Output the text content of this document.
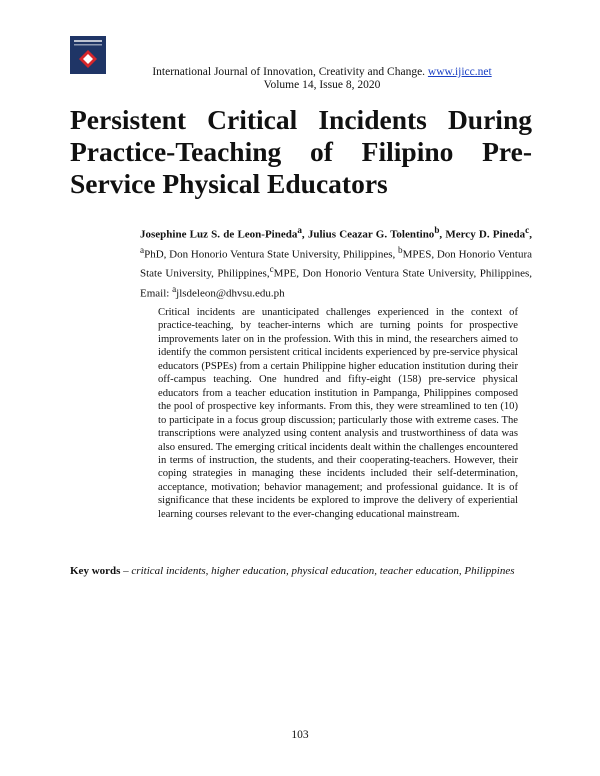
International Journal of Innovation, Creativity and Change. www.ijicc.net
Volume 14, Issue 8, 2020
Persistent Critical Incidents During
Practice-Teaching of Filipino Pre-
Service Physical Educators
Josephine Luz S. de Leon-Pineda$^a$, Julius Ceazar G. Tolentino$^b$, Mercy D. Pineda$^c$, $^a$PhD, Don Honorio Ventura State University, Philippines, $^b$MPES, Don Honorio Ventura State University, Philippines,$^c$MPE, Don Honorio Ventura State University, Philippines, Email: $^a$jlsdeleon@dhvsu.edu.ph

Critical incidents are unanticipated challenges experienced in the context of practice-teaching, by teacher-interns which are turning points for prospective improvements later on in the profession. With this in mind, the researchers aimed to identify the common persistent critical incidents experienced by pre-service physical educators (PSPEs) from a certain Philippine higher education institution during their off-campus teaching. One hundred and fifty-eight (158) pre-service physical educators from a teacher education institution in Pampanga, Philippines composed the pool of prospective key informants. From this, they were streamlined to ten (10) to participate in a focus group discussion; particularly those with extreme cases. The transcriptions were analyzed using content analysis and trustworthiness of data was also ensured. The emerging critical incidents dealt within the challenges encountered in terms of instruction, the students, and their cooperating-teachers. However, their coping strategies in managing these incidents included their self-determination, acceptance, motivation; behavior management; and professional guidance. It is of significance that these incidents be explored to improve the delivery of experiential learning courses relevant to the ever-changing educational mainstream.

Key words – critical incidents, higher education, physical education, teacher education, Philippines
103
